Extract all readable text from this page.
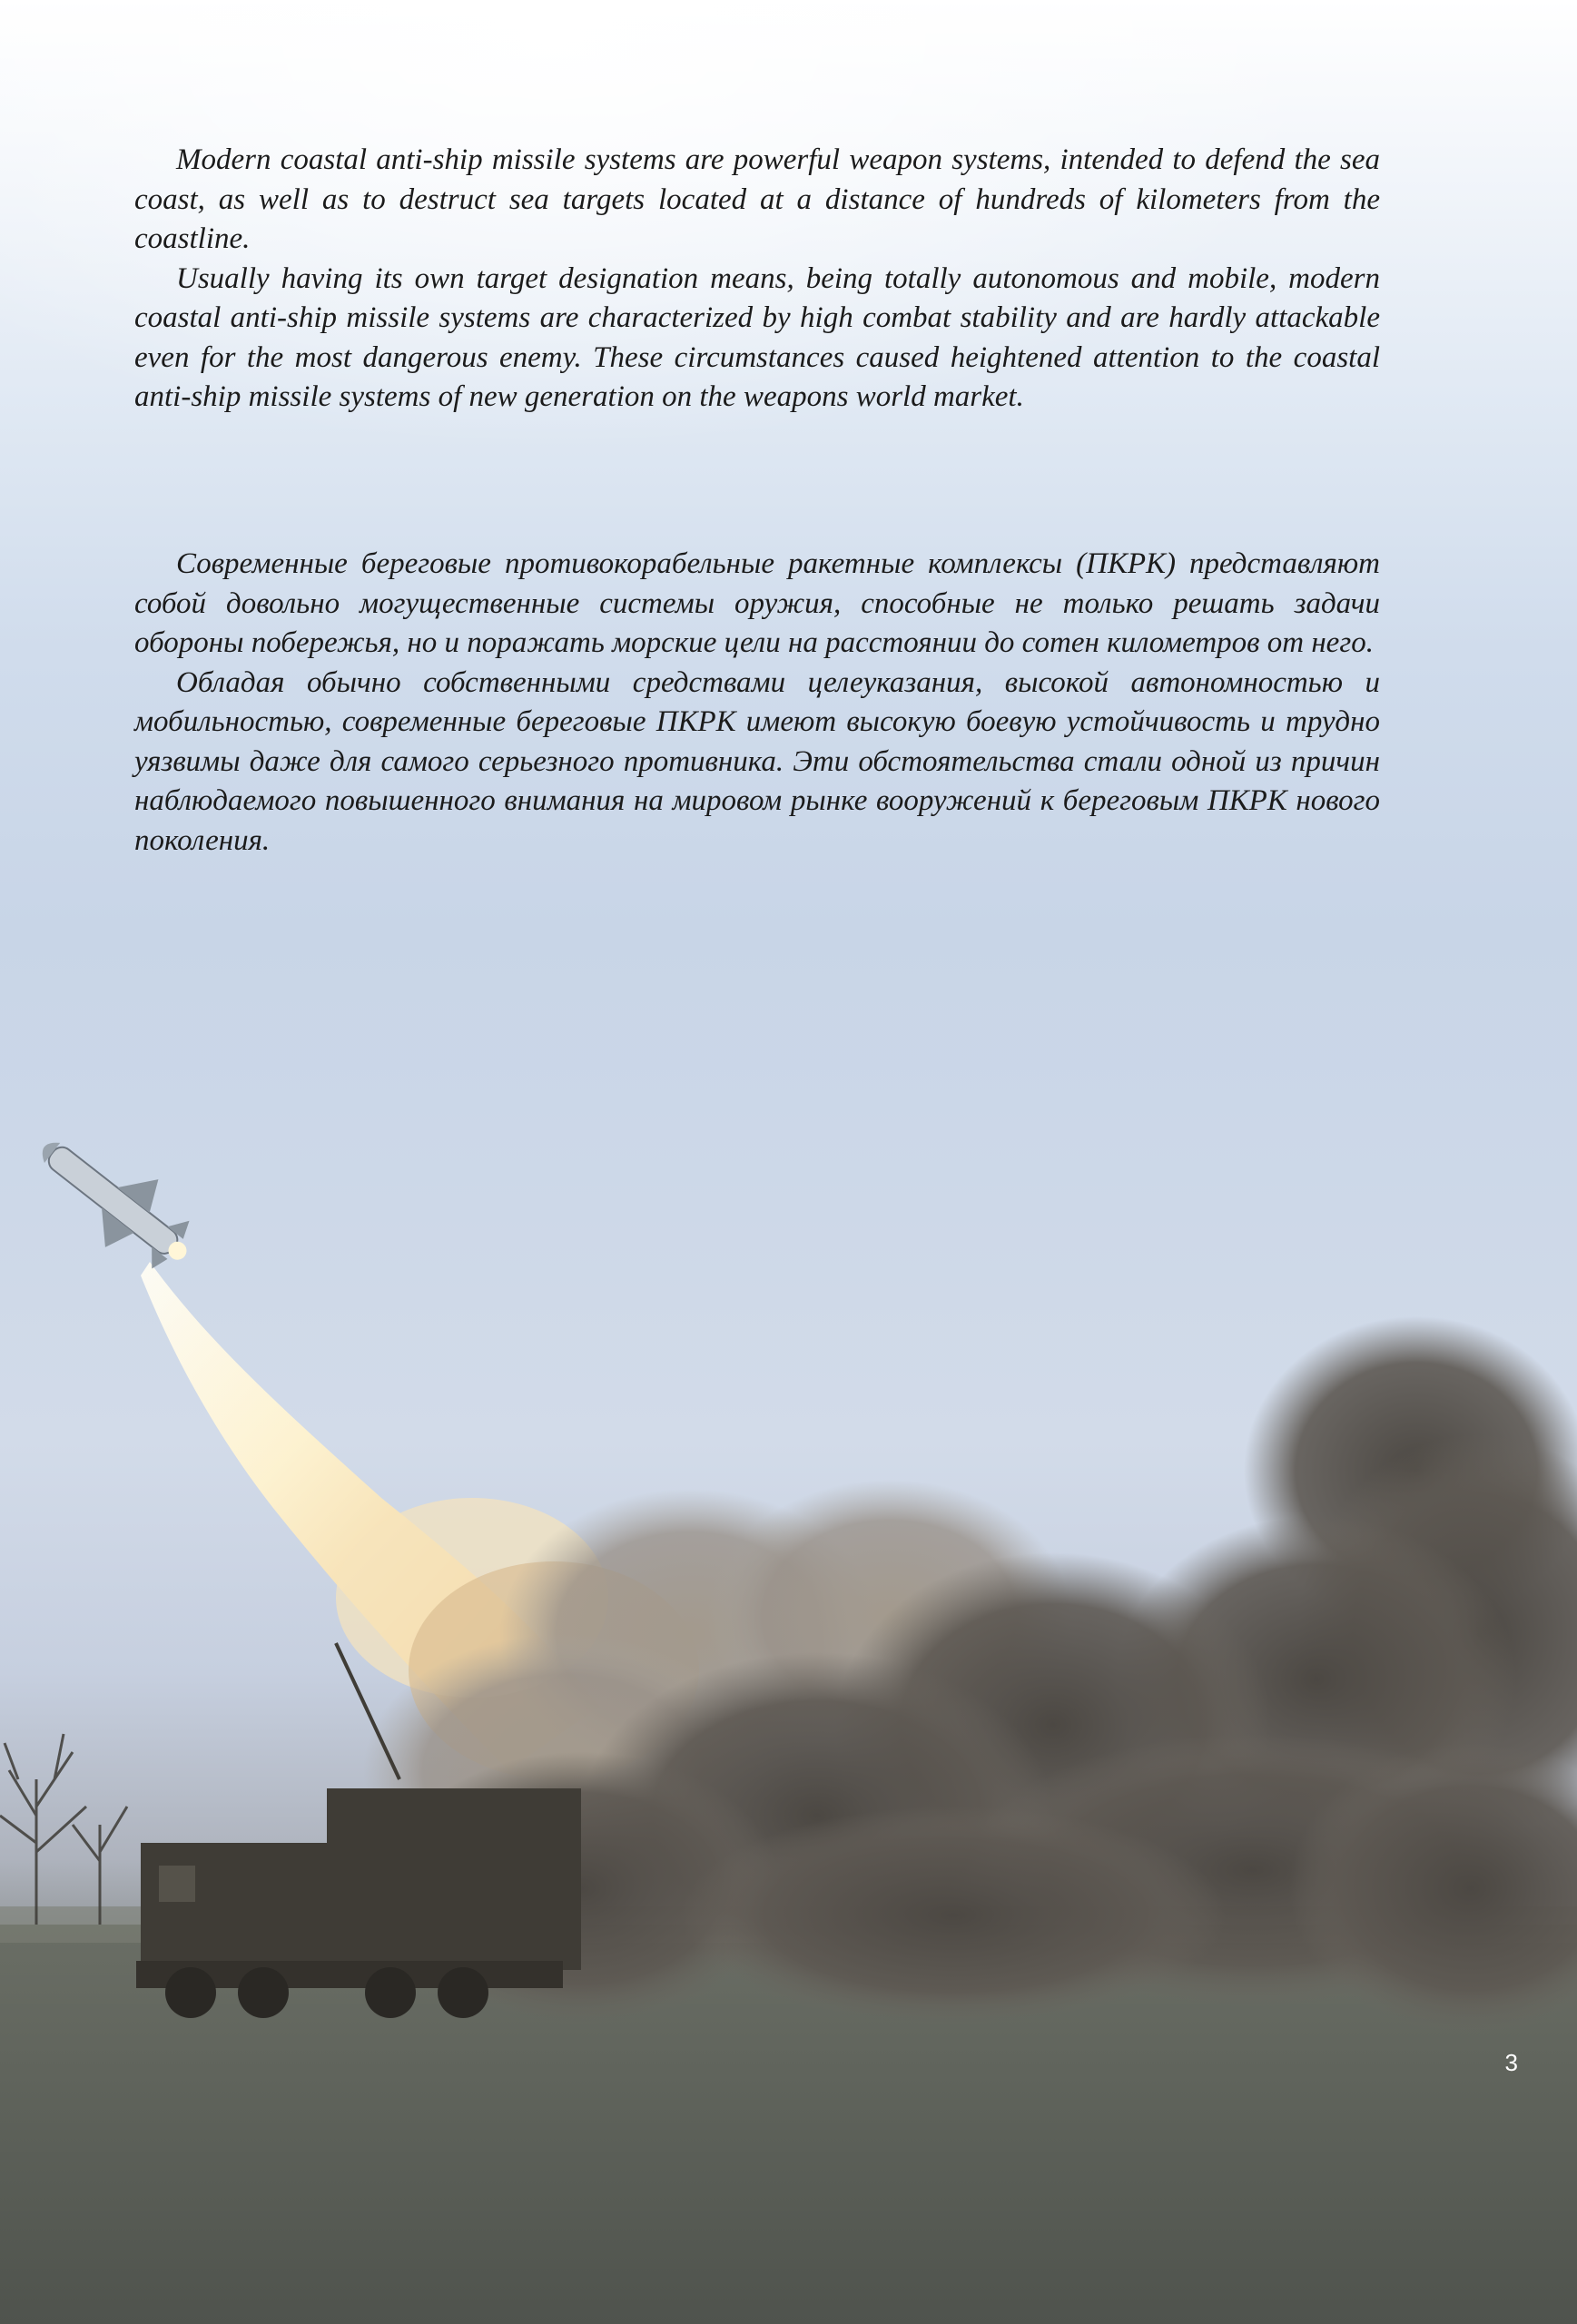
Modern coastal anti-ship missile systems are powerful weapon systems, intended to defend the sea coast, as well as to destruct sea targets located at a distance of hundreds of kilometers from the coastline.

Usually having its own target designation means, being totally autonomous and mobile, modern coastal anti-ship missile systems are characterized by high combat stability and are hardly attackable even for the most dangerous enemy. These circumstances caused heightened attention to the coastal anti-ship missile systems of new generation on the weapons world market.

Современные береговые противокорабельные ракетные комплексы (ПКРК) представляют собой довольно могущественные системы оружия, способные не только решать задачи обороны побережья, но и поражать морские цели на расстоянии до сотен километров от него.

Обладая обычно собственными средствами целеуказания, высокой автономностью и мобильностью, современные береговые ПКРК имеют высокую боевую устойчивость и трудно уязвимы даже для самого серьезного противника. Эти обстоятельства стали одной из причин наблюдаемого повышенного внимания на мировом рынке вооружений к береговым ПКРК нового поколения.

3
